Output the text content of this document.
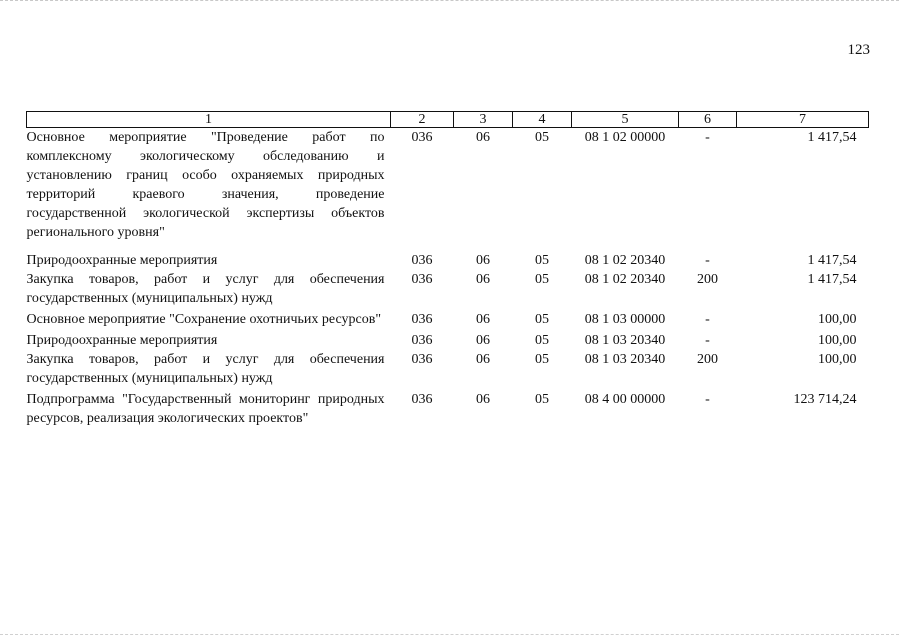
123
1	2	3	4	5	6	7
Основное мероприятие "Проведение работ по комплексному экологическому обследованию и установлению границ особо охраняемых природных территорий краевого значения, проведение государственной экологической экспертизы объектов регионального уровня"	036	06	05	08 1 02 00000	-	1 417,54
Природоохранные мероприятия	036	06	05	08 1 02 20340	-	1 417,54
Закупка товаров, работ и услуг для обеспечения государственных (муниципальных) нужд	036	06	05	08 1 02 20340	200	1 417,54
Основное мероприятие "Сохранение охотничьих ресурсов"	036	06	05	08 1 03 00000	-	100,00
Природоохранные мероприятия	036	06	05	08 1 03 20340	-	100,00
Закупка товаров, работ и услуг для обеспечения государственных (муниципальных) нужд	036	06	05	08 1 03 20340	200	100,00
Подпрограмма "Государственный мониторинг природных ресурсов, реализация экологических проектов"	036	06	05	08 4 00 00000	-	123 714,24
